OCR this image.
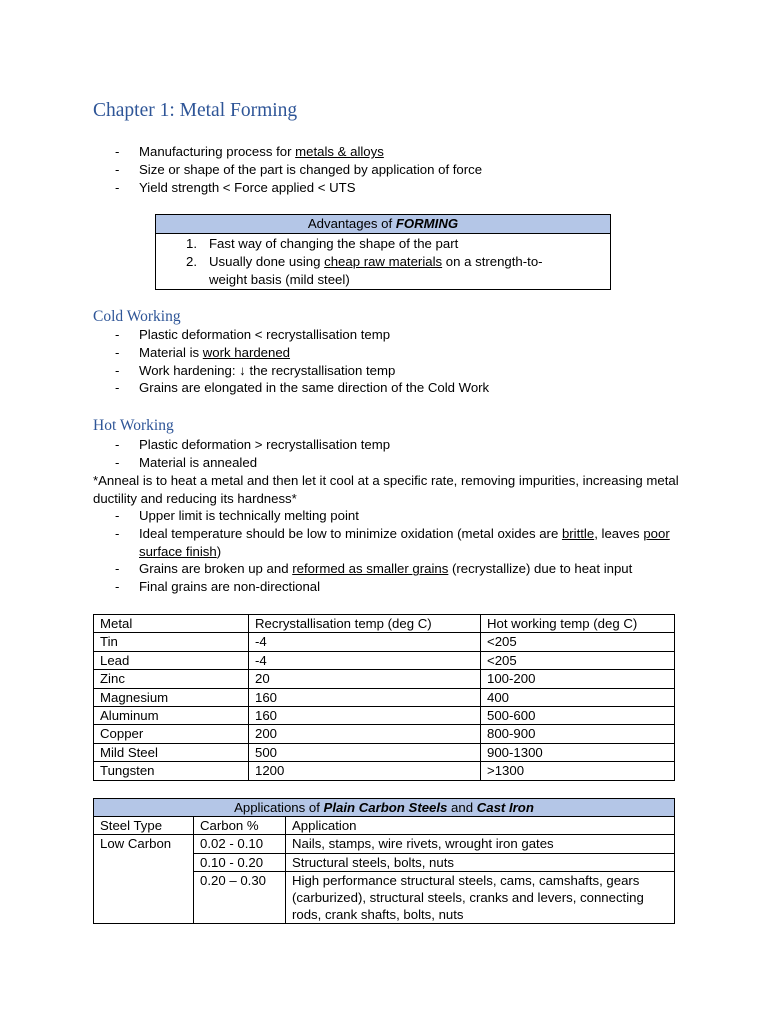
Chapter 1: Metal Forming
- Manufacturing process for metals & alloys
- Size or shape of the part is changed by application of force
- Yield strength < Force applied < UTS
Advantages of FORMING
1. Fast way of changing the shape of the part
2. Usually done using cheap raw materials on a strength-to-weight basis (mild steel)
Cold Working
- Plastic deformation < recrystallisation temp
- Material is work hardened
- Work hardening: ↓ the recrystallisation temp
- Grains are elongated in the same direction of the Cold Work
Hot Working
- Plastic deformation > recrystallisation temp
- Material is annealed

*Anneal is to heat a metal and then let it cool at a specific rate, removing impurities, increasing metal ductility and reducing its hardness*

- Upper limit is technically melting point
- Ideal temperature should be low to minimize oxidation (metal oxides are brittle, leaves poor surface finish)
- Grains are broken up and reformed as smaller grains (recrystallize) due to heat input
- Final grains are non-directional
Metal	Recrystallisation temp (deg C)	Hot working temp (deg C)
Tin	-4	<205
Lead	-4	<205
Zinc	20	100-200
Magnesium	160	400
Aluminum	160	500-600
Copper	200	800-900
Mild Steel	500	900-1300
Tungsten	1200	>1300
Applications of Plain Carbon Steels and Cast Iron		
Steel Type	Carbon %	Application
Low Carbon	0.02 - 0.10	Nails, stamps, wire rivets, wrought iron gates
	0.10 - 0.20	Structural steels, bolts, nuts
	0.20 – 0.30	High performance structural steels, cams, camshafts, gears (carburized), structural steels, cranks and levers, connecting rods, crank shafts, bolts, nuts
